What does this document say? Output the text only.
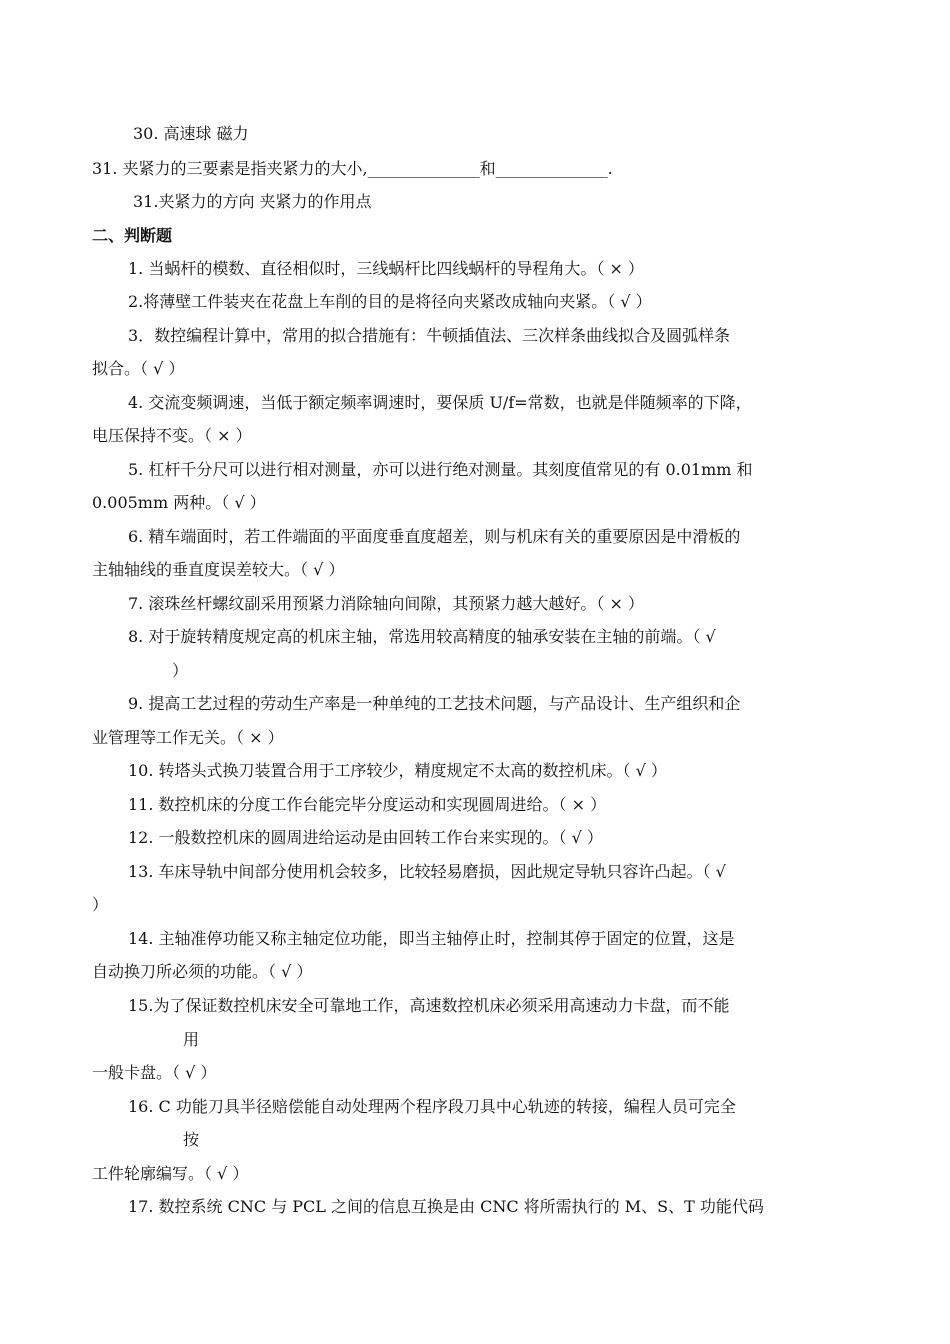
30. 高速球 磁力
31. 夹紧力的三要素是指夹紧力的大小,______________和______________.
31.夹紧力的方向 夹紧力的作用点
二、判断题
1. 当蜗杆的模数、直径相似时，三线蜗杆比四线蜗杆的导程角大。（ × ）
2.将薄壁工件装夹在花盘上车削的目的是将径向夹紧改成轴向夹紧。（ √ ）
3．数控编程计算中，常用的拟合措施有：牛顿插值法、三次样条曲线拟合及圆弧样条
拟合。（ √ ）
4. 交流变频调速，当低于额定频率调速时，要保质 U/f=常数，也就是伴随频率的下降，
电压保持不变。（ × ）
5. 杠杆千分尺可以进行相对测量，亦可以进行绝对测量。其刻度值常见的有 0.01mm 和
0.005mm 两种。（ √ ）
6. 精车端面时，若工件端面的平面度垂直度超差，则与机床有关的重要原因是中滑板的
主轴轴线的垂直度误差较大。（ √ ）
7. 滚珠丝杆螺纹副采用预紧力消除轴向间隙，其预紧力越大越好。（ × ）
8. 对于旋转精度规定高的机床主轴，常选用较高精度的轴承安装在主轴的前端。（ √
）
9. 提高工艺过程的劳动生产率是一种单纯的工艺技术问题，与产品设计、生产组织和企
业管理等工作无关。（ × ）
10. 转塔头式换刀装置合用于工序较少，精度规定不太高的数控机床。（ √ ）
11. 数控机床的分度工作台能完毕分度运动和实现圆周进给。（ × ）
12. 一般数控机床的圆周进给运动是由回转工作台来实现的。（ √ ）
13. 车床导轨中间部分使用机会较多，比较轻易磨损，因此规定导轨只容许凸起。（ √
）
14. 主轴准停功能又称主轴定位功能，即当主轴停止时，控制其停于固定的位置，这是
自动换刀所必须的功能。（ √ ）
15.为了保证数控机床安全可靠地工作，高速数控机床必须采用高速动力卡盘，而不能
用
一般卡盘。（ √ ）
16. C 功能刀具半径赔偿能自动处理两个程序段刀具中心轨迹的转接，编程人员可完全
按
工件轮廓编写。（ √ ）
17. 数控系统 CNC 与 PCL 之间的信息互换是由 CNC 将所需执行的 M、S、T 功能代码
